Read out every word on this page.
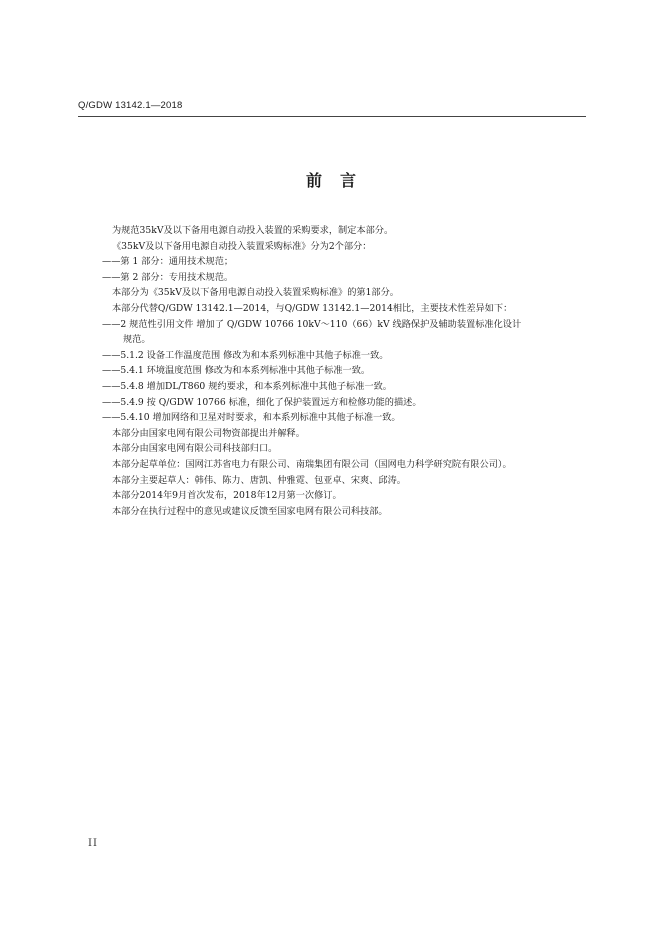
Q/GDW 13142.1—2018
前言
为规范35kV及以下备用电源自动投入装置的采购要求，制定本部分。
《35kV及以下备用电源自动投入装置采购标准》分为2个部分：
——第 1 部分：通用技术规范；
——第 2 部分：专用技术规范。
本部分为《35kV及以下备用电源自动投入装置采购标准》的第1部分。
本部分代替Q/GDW 13142.1—2014，与Q/GDW 13142.1—2014相比，主要技术性差异如下：
——2 规范性引用文件 增加了 Q/GDW 10766 10kV～110（66）kV 线路保护及辅助装置标准化设计
规范。
——5.1.2 设备工作温度范围 修改为和本系列标准中其他子标准一致。
——5.4.1 环境温度范围 修改为和本系列标准中其他子标准一致。
——5.4.8 增加DL/T860 规约要求，和本系列标准中其他子标准一致。
——5.4.9 按 Q/GDW 10766 标准，细化了保护装置远方和检修功能的描述。
——5.4.10 增加网络和卫星对时要求，和本系列标准中其他子标准一致。
本部分由国家电网有限公司物资部提出并解释。
本部分由国家电网有限公司科技部归口。
本部分起草单位：国网江苏省电力有限公司、南瑞集团有限公司（国网电力科学研究院有限公司）。
本部分主要起草人：韩伟、陈力、唐凯、仲雅霓、包亚卓、宋爽、邱涛。
本部分2014年9月首次发布，2018年12月第一次修订。
本部分在执行过程中的意见或建议反馈至国家电网有限公司科技部。
II
